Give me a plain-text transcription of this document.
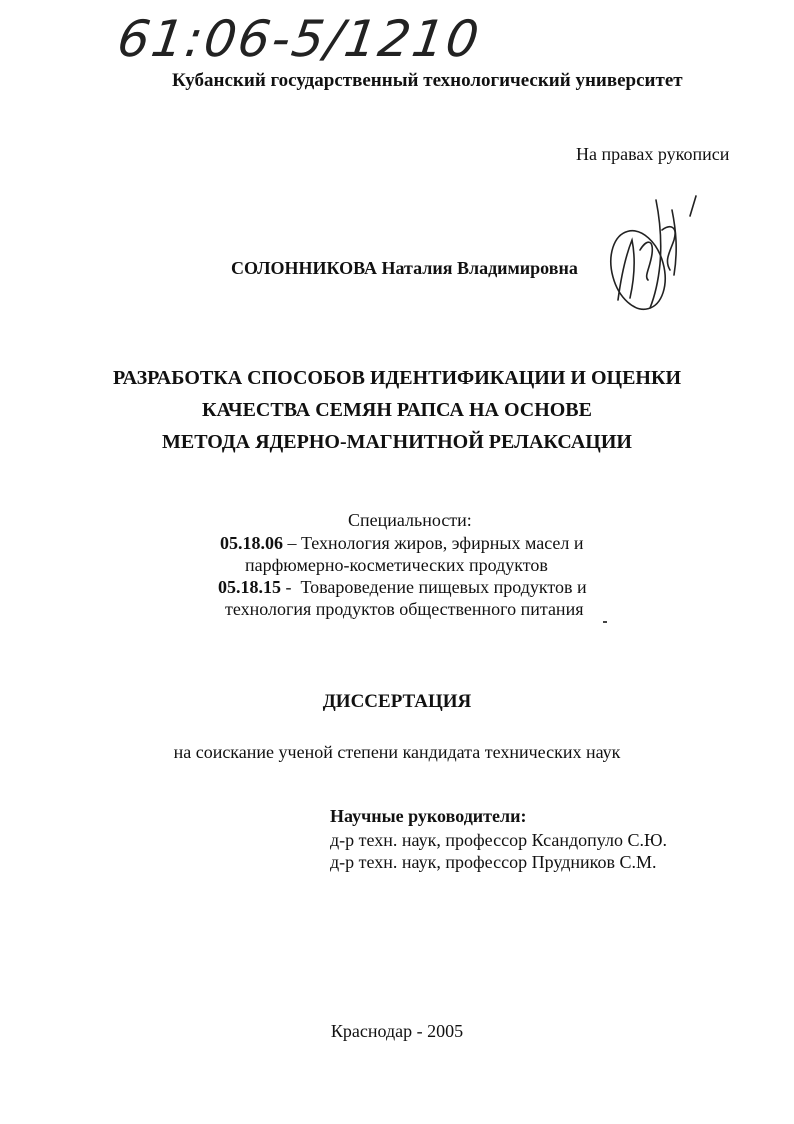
61:06-5/1210
Кубанский государственный технологический университет
На правах рукописи
СОЛОННИКОВА Наталия Владимировна
РАЗРАБОТКА СПОСОБОВ ИДЕНТИФИКАЦИИ И ОЦЕНКИ
КАЧЕСТВА СЕМЯН РАПСА НА ОСНОВЕ
МЕТОДА ЯДЕРНО-МАГНИТНОЙ РЕЛАКСАЦИИ
Специальности:
05.18.06 – Технология жиров, эфирных масел и
парфюмерно-косметических продуктов
05.18.15 -  Товароведение пищевых продуктов и
технология продуктов общественного питания
ДИССЕРТАЦИЯ
на соискание ученой степени кандидата технических наук
Научные руководители:
д-р техн. наук, профессор Ксандопуло С.Ю.
д-р техн. наук, профессор Прудников С.М.
Краснодар - 2005
